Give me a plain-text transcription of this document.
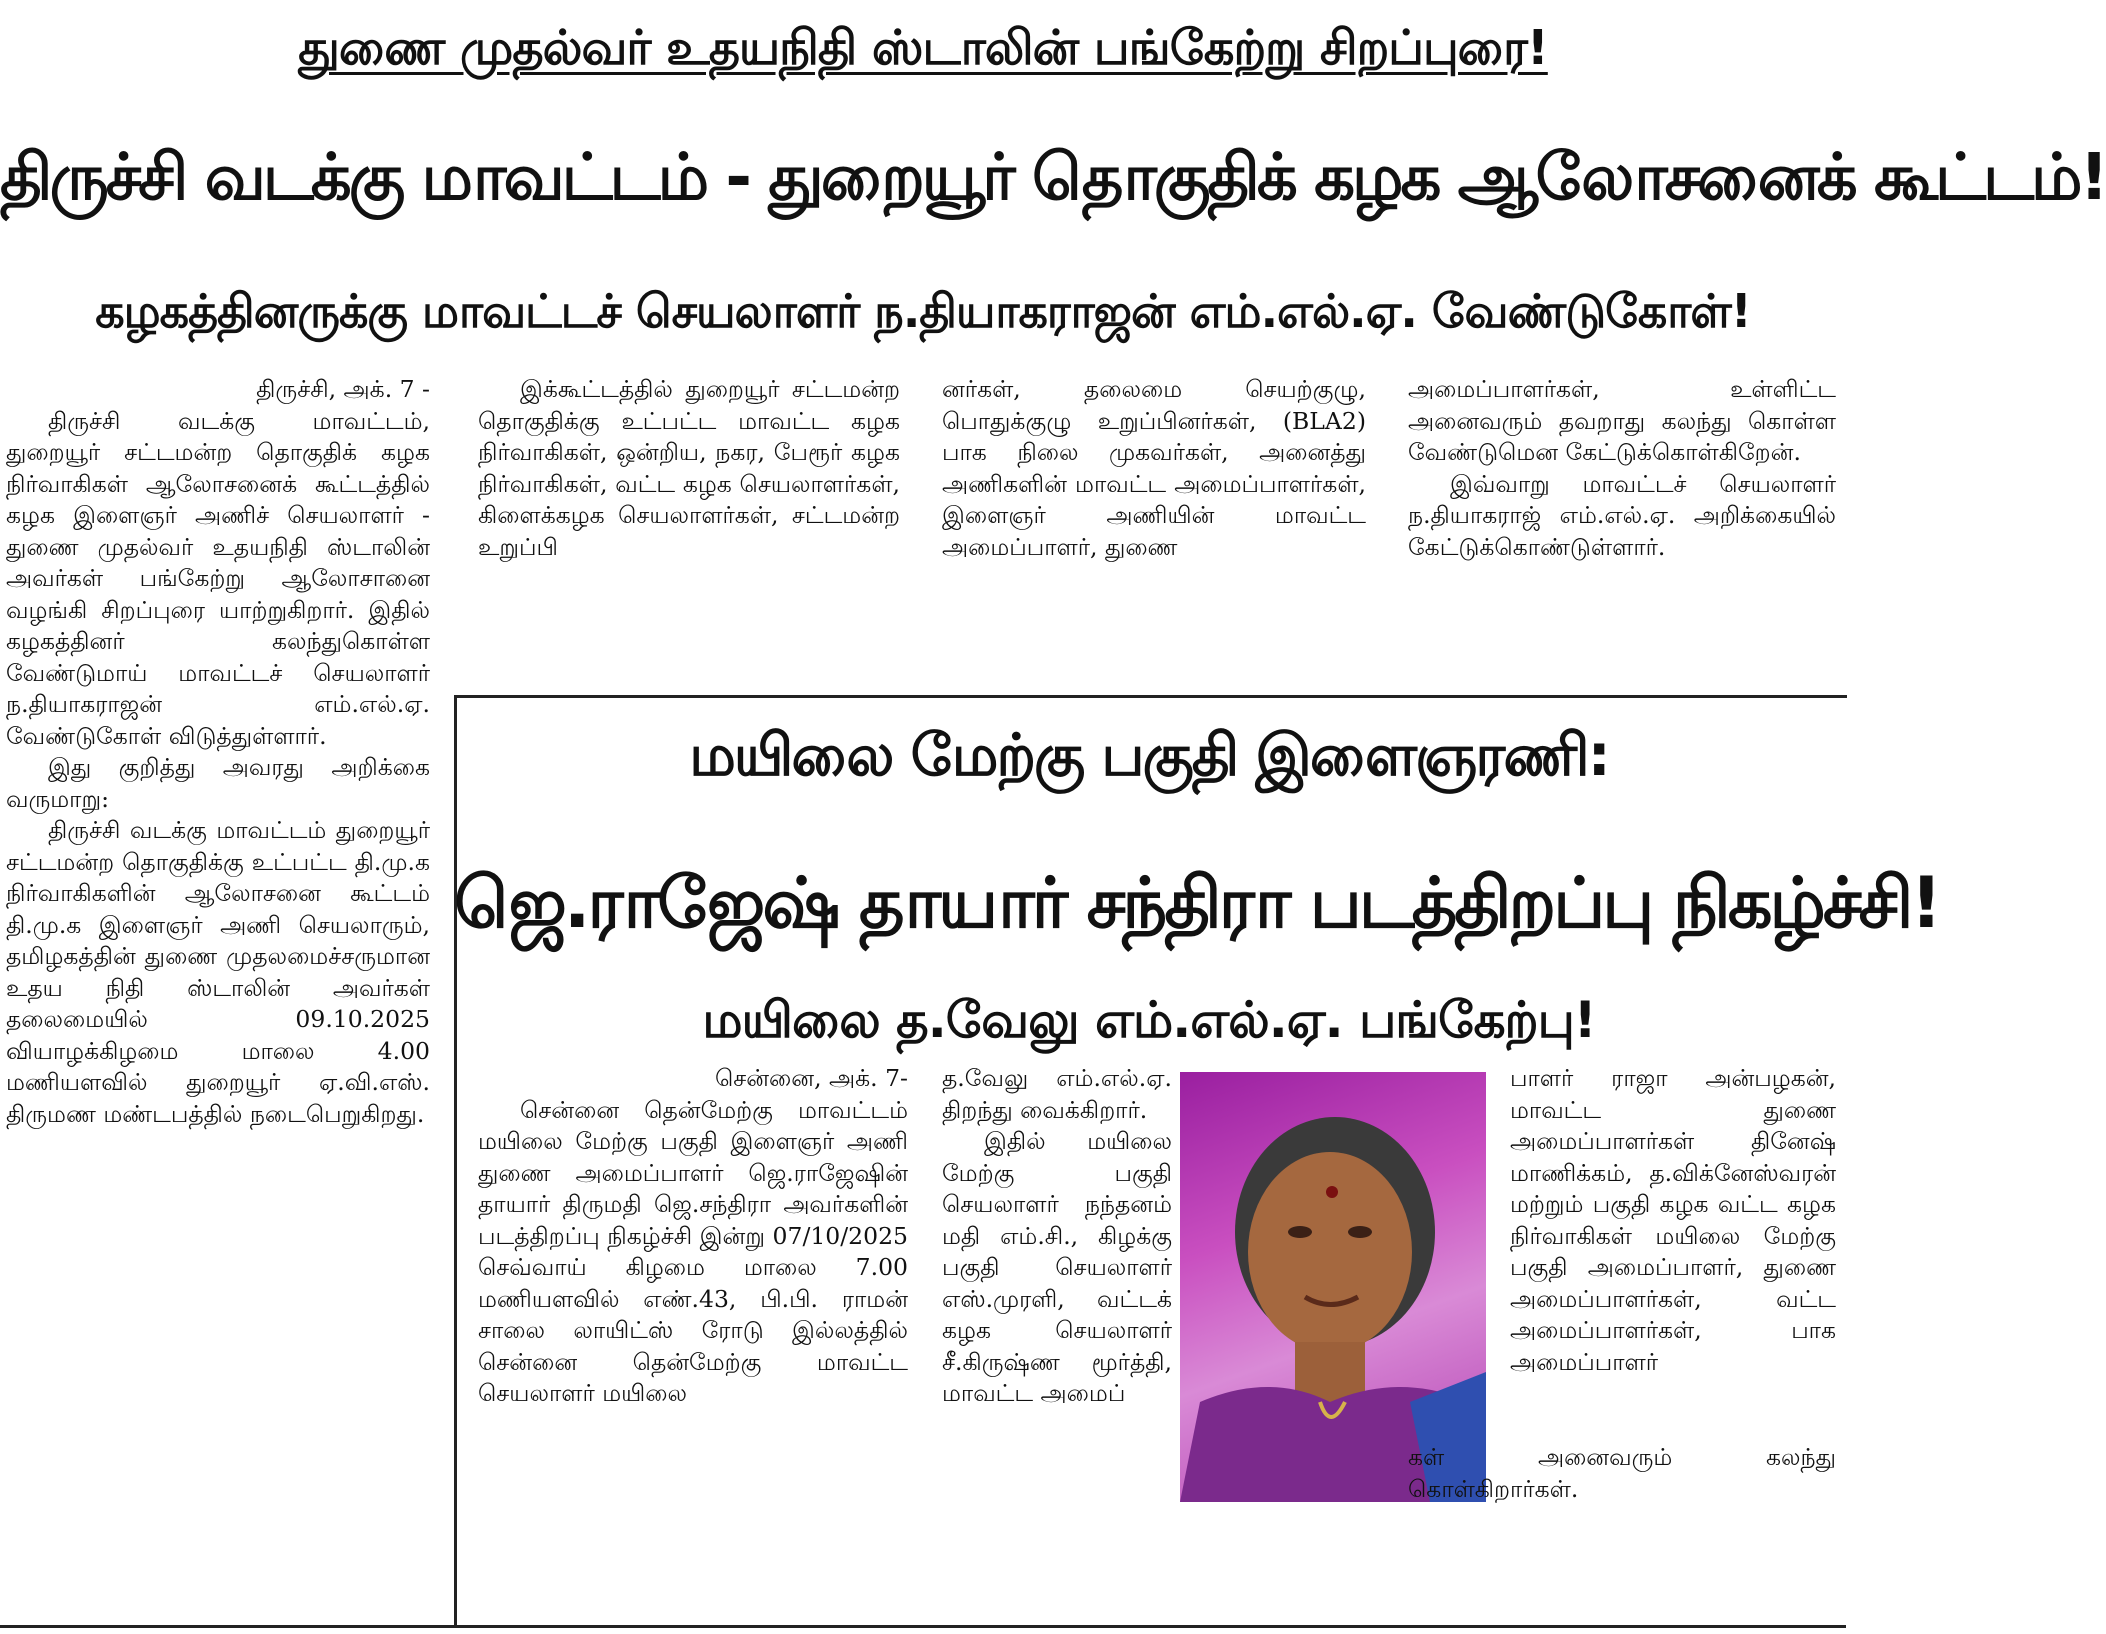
துணை முதல்வர் உதயநிதி ஸ்டாலின் பங்கேற்று சிறப்புரை!
திருச்சி வடக்கு மாவட்டம் - துறையூர் தொகுதிக் கழக ஆலோசனைக் கூட்டம்!
கழகத்தினருக்கு மாவட்டச் செயலாளர் ந.தியாகராஜன் எம்.எல்.ஏ. வேண்டுகோள்!

திருச்சி, அக். 7 -

திருச்சி வடக்கு மாவட்டம், துறையூர் சட்டமன்ற தொகுதிக் கழக நிர்வாகிகள் ஆலோசனைக் கூட்டத்தில் கழக இளைஞர் அணிச் செயலாளர் - துணை முதல்வர் உதயநிதி ஸ்டாலின் அவர்கள் பங்கேற்று ஆலோசானை வழங்கி சிறப்புரை யாற்றுகிறார். இதில் கழகத்தினர் கலந்துகொள்ள வேண்டுமாய் மாவட்டச் செயலாளர் ந.தியாகராஜன் எம்.எல்.ஏ. வேண்டுகோள் விடுத்துள்ளார்.

இது குறித்து அவரது அறிக்கை வருமாறு:

திருச்சி வடக்கு மாவட்டம் துறையூர் சட்டமன்ற தொகுதிக்கு உட்பட்ட தி.மு.க நிர்வாகிகளின் ஆலோசனை கூட்டம் தி.மு.க இளைஞர் அணி செயலாரும், தமிழகத்தின் துணை முதலமைச்சருமான உதய நிதி ஸ்டாலின் அவர்கள் தலைமையில் 09.10.2025 வியாழக்கிழமை மாலை 4.00 மணியளவில் துறையூர் ஏ.வி.எஸ். திருமண மண்டபத்தில் நடைபெறுகிறது.

இக்கூட்டத்தில் துறையூர் சட்டமன்ற தொகுதிக்கு உட்பட்ட மாவட்ட கழக நிர்வாகிகள், ஒன்றிய, நகர, பேரூர் கழக நிர்வாகிகள், வட்ட கழக செயலாளர்கள், கிளைக்கழக செயலாளர்கள், சட்டமன்ற உறுப்பி

னர்கள், தலைமை செயற்குழு, பொதுக்குழு உறுப்பினர்கள், (BLA2) பாக நிலை முகவர்கள், அனைத்து அணிகளின் மாவட்ட அமைப்பாளர்கள், இளைஞர் அணியின் மாவட்ட அமைப்பாளர், துணை

அமைப்பாளர்கள், உள்ளிட்ட அனைவரும் தவறாது கலந்து கொள்ள வேண்டுமென கேட்டுக்கொள்கிறேன்.

இவ்வாறு மாவட்டச் செயலாளர் ந.தியாகராஜ் எம்.எல்.ஏ. அறிக்கையில் கேட்டுக்கொண்டுள்ளார்.

மயிலை மேற்கு பகுதி இளைஞரணி:
ஜெ.ராஜேஷ் தாயார் சந்திரா படத்திறப்பு நிகழ்ச்சி!
மயிலை த.வேலு எம்.எல்.ஏ. பங்கேற்பு!

சென்னை, அக். 7-

சென்னை தென்மேற்கு மாவட்டம் மயிலை மேற்கு பகுதி இளைஞர் அணி துணை அமைப்பாளர் ஜெ.ராஜேஷின் தாயார் திருமதி ஜெ.சந்திரா அவர்களின் படத்திறப்பு நிகழ்ச்சி இன்று 07/10/2025 செவ்வாய் கிழமை மாலை 7.00 மணியளவில் எண்.43, பி.பி. ராமன் சாலை லாயிட்ஸ் ரோடு இல்லத்தில் சென்னை தென்மேற்கு மாவட்ட செயலாளர் மயிலை

த.வேலு எம்.எல்.ஏ. திறந்து வைக்கிறார்.

இதில் மயிலை மேற்கு பகுதி செயலாளர் நந்தனம் மதி எம்.சி., கிழக்கு பகுதி செயலாளர் எஸ்.முரளி, வட்டக் கழக செயலாளர் சீ.கிருஷ்ண மூர்த்தி, மாவட்ட அமைப்

பாளர் ராஜா அன்பழகன், மாவட்ட துணை அமைப்பாளர்கள் தினேஷ் மாணிக்கம், த.விக்னேஸ்வரன் மற்றும் பகுதி கழக வட்ட கழக நிர்வாகிகள் மயிலை மேற்கு பகுதி அமைப்பாளர், துணை அமைப்பாளர்கள், வட்ட அமைப்பாளர்கள், பாக அமைப்பாளர்

கள் அனைவரும் கலந்து கொள்கிறார்கள்.
